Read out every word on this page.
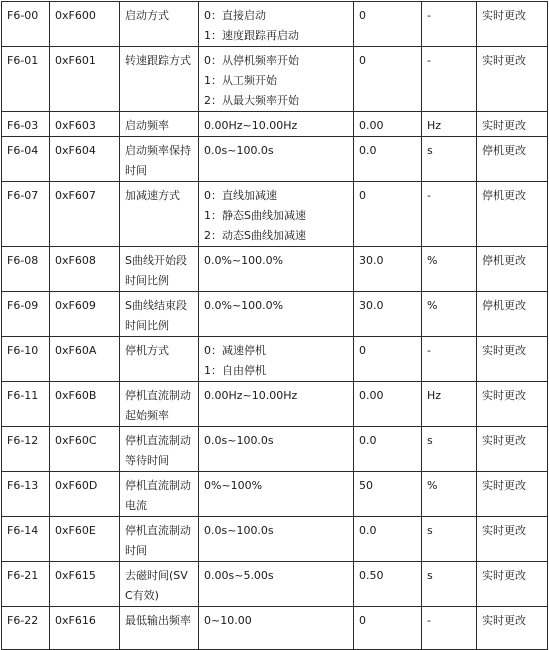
F6-00	0xF600	启动方式	0：直接启动
1：速度跟踪再启动	0	-	实时更改
F6-01	0xF601	转速跟踪方式	0：从停机频率开始
1：从工频开始
2：从最大频率开始	0	-	实时更改
F6-03	0xF603	启动频率	0.00Hz~10.00Hz	0.00	Hz	实时更改
F6-04	0xF604	启动频率保持时间	0.0s~100.0s	0.0	s	停机更改
F6-07	0xF607	加减速方式	0：直线加减速
1：静态S曲线加减速
2：动态S曲线加减速	0	-	停机更改
F6-08	0xF608	S曲线开始段时间比例	0.0%~100.0%	30.0	%	停机更改
F6-09	0xF609	S曲线结束段时间比例	0.0%~100.0%	30.0	%	停机更改
F6-10	0xF60A	停机方式	0：减速停机
1：自由停机	0	-	实时更改
F6-11	0xF60B	停机直流制动起始频率	0.00Hz~10.00Hz	0.00	Hz	实时更改
F6-12	0xF60C	停机直流制动等待时间	0.0s~100.0s	0.0	s	实时更改
F6-13	0xF60D	停机直流制动电流	0%~100%	50	%	实时更改
F6-14	0xF60E	停机直流制动时间	0.0s~100.0s	0.0	s	实时更改
F6-21	0xF615	去磁时间(SVC有效)	0.00s~5.00s	0.50	s	实时更改
F6-22	0xF616	最低输出频率	0~10.00	0	-	实时更改
